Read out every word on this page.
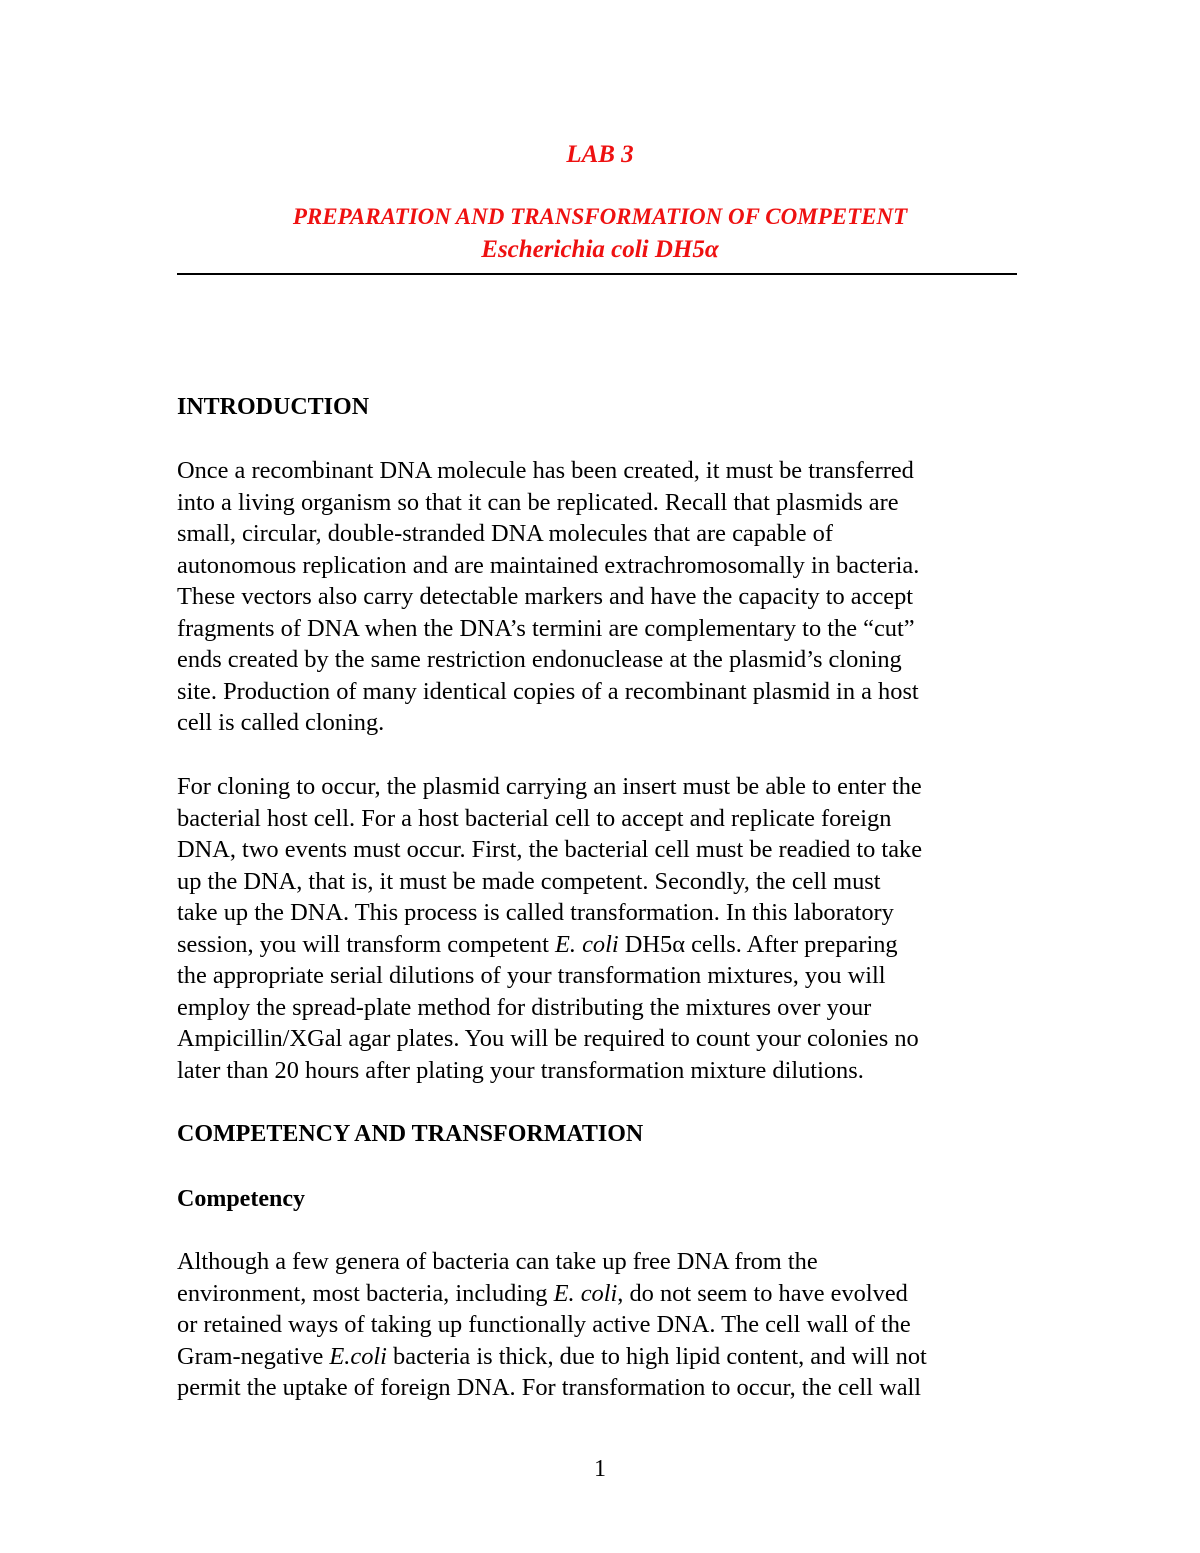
LAB 3
PREPARATION AND TRANSFORMATION OF COMPETENT
Escherichia coli DH5α
INTRODUCTION
Once a recombinant DNA molecule has been created, it must be transferred
into a living organism so that it can be replicated. Recall that plasmids are
small, circular, double-stranded DNA molecules that are capable of
autonomous replication and are maintained extrachromosomally in bacteria.
These vectors also carry detectable markers and have the capacity to accept
fragments of DNA when the DNA’s termini are complementary to the “cut”
ends created by the same restriction endonuclease at the plasmid’s cloning
site. Production of many identical copies of a recombinant plasmid in a host
cell is called cloning.
For cloning to occur, the plasmid carrying an insert must be able to enter the
bacterial host cell. For a host bacterial cell to accept and replicate foreign
DNA, two events must occur. First, the bacterial cell must be readied to take
up the DNA, that is, it must be made competent. Secondly, the cell must
take up the DNA. This process is called transformation. In this laboratory
session, you will transform competent E. coli DH5α cells. After preparing
the appropriate serial dilutions of your transformation mixtures, you will
employ the spread-plate method for distributing the mixtures over your
Ampicillin/XGal agar plates. You will be required to count your colonies no
later than 20 hours after plating your transformation mixture dilutions.
COMPETENCY AND TRANSFORMATION
Competency
Although a few genera of bacteria can take up free DNA from the
environment, most bacteria, including E. coli, do not seem to have evolved
or retained ways of taking up functionally active DNA. The cell wall of the
Gram-negative E.coli bacteria is thick, due to high lipid content, and will not
permit the uptake of foreign DNA. For transformation to occur, the cell wall
1
